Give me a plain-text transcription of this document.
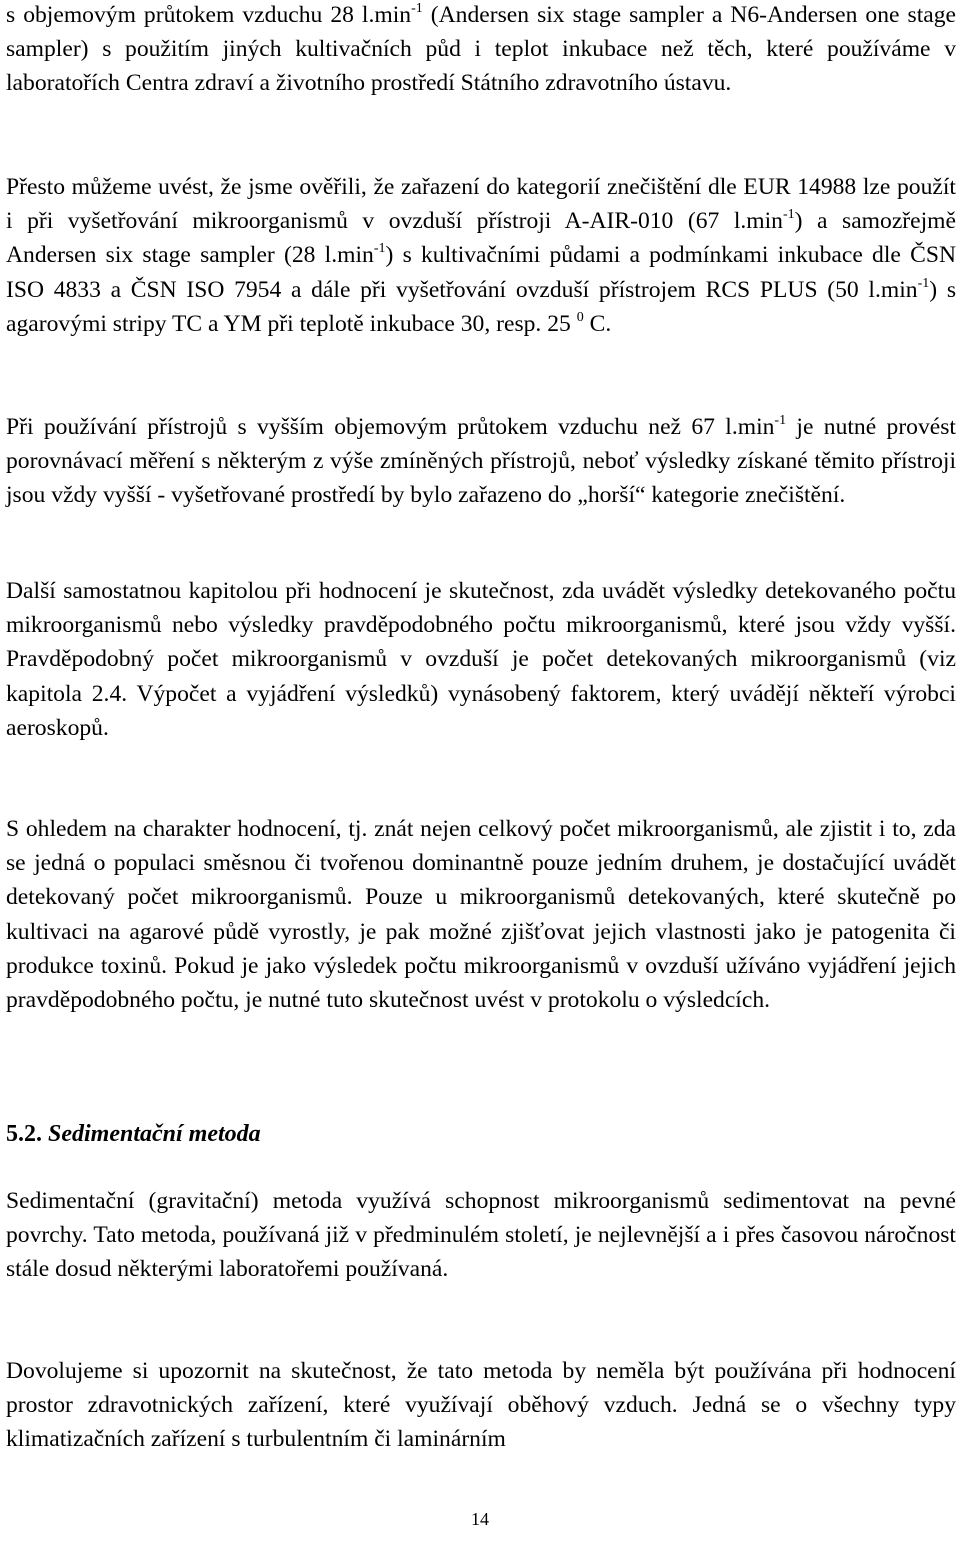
s objemovým průtokem vzduchu 28 $l.\min^{-1}$ (Andersen six stage sampler a N6-Andersen one stage sampler) s použitím jiných kultivačních půd i teplot inkubace než těch, které používáme v laboratořích Centra zdraví a životního prostředí Státního zdravotního ústavu.

Přesto můžeme uvést, že jsme ověřili, že zařazení do kategorií znečištění dle EUR 14988 lze použít i při vyšetřování mikroorganismů v ovzduší přístroji A-AIR-010 (67 $l.\min^{-1}$) a samozřejmě Andersen six stage sampler (28 $l.\min^{-1}$) s kultivačními půdami a podmínkami inkubace dle ČSN ISO 4833 a ČSN ISO 7954 a dále při vyšetřování ovzduší přístrojem RCS PLUS (50 $l.\min^{-1}$) s agarovými stripy TC a YM při teplotě inkubace 30, resp. 25 $^0$ C.

Při používání přístrojů s vyšším objemovým průtokem vzduchu než 67 $l.\min^{-1}$ je nutné provést porovnávací měření s některým z výše zmíněných přístrojů, neboť výsledky získané těmito přístroji jsou vždy vyšší - vyšetřované prostředí by bylo zařazeno do „horší“ kategorie znečištění.

Další samostatnou kapitolou při hodnocení je skutečnost, zda uvádět výsledky detekovaného počtu mikroorganismů nebo výsledky pravděpodobného počtu mikroorganismů, které jsou vždy vyšší. Pravděpodobný počet mikroorganismů v ovzduší je počet detekovaných mikroorganismů (viz kapitola 2.4. Výpočet a vyjádření výsledků) vynásobený faktorem, který uvádějí někteří výrobci aeroskopů.

S ohledem na charakter hodnocení, tj. znát nejen celkový počet mikroorganismů, ale zjistit i to, zda se jedná o populaci směsnou či tvořenou dominantně pouze jedním druhem, je dostačující uvádět detekovaný počet mikroorganismů. Pouze u mikroorganismů detekovaných, které skutečně po kultivaci na agarové půdě vyrostly, je pak možné zjišťovat jejich vlastnosti jako je patogenita či produkce toxinů. Pokud je jako výsledek počtu mikroorganismů v ovzduší užíváno vyjádření jejich pravděpodobného počtu, je nutné tuto skutečnost uvést v protokolu o výsledcích.

5.2. Sedimentační metoda

Sedimentační (gravitační) metoda využívá schopnost mikroorganismů sedimentovat na pevné povrchy. Tato metoda, používaná již v předminulém století, je nejlevnější a i přes časovou náročnost stále dosud některými laboratořemi používaná.

Dovolujeme si upozornit na skutečnost, že tato metoda by neměla být používána při hodnocení prostor zdravotnických zařízení, které využívají oběhový vzduch. Jedná se o všechny typy klimatizačních zařízení s turbulentním či laminárním

14
